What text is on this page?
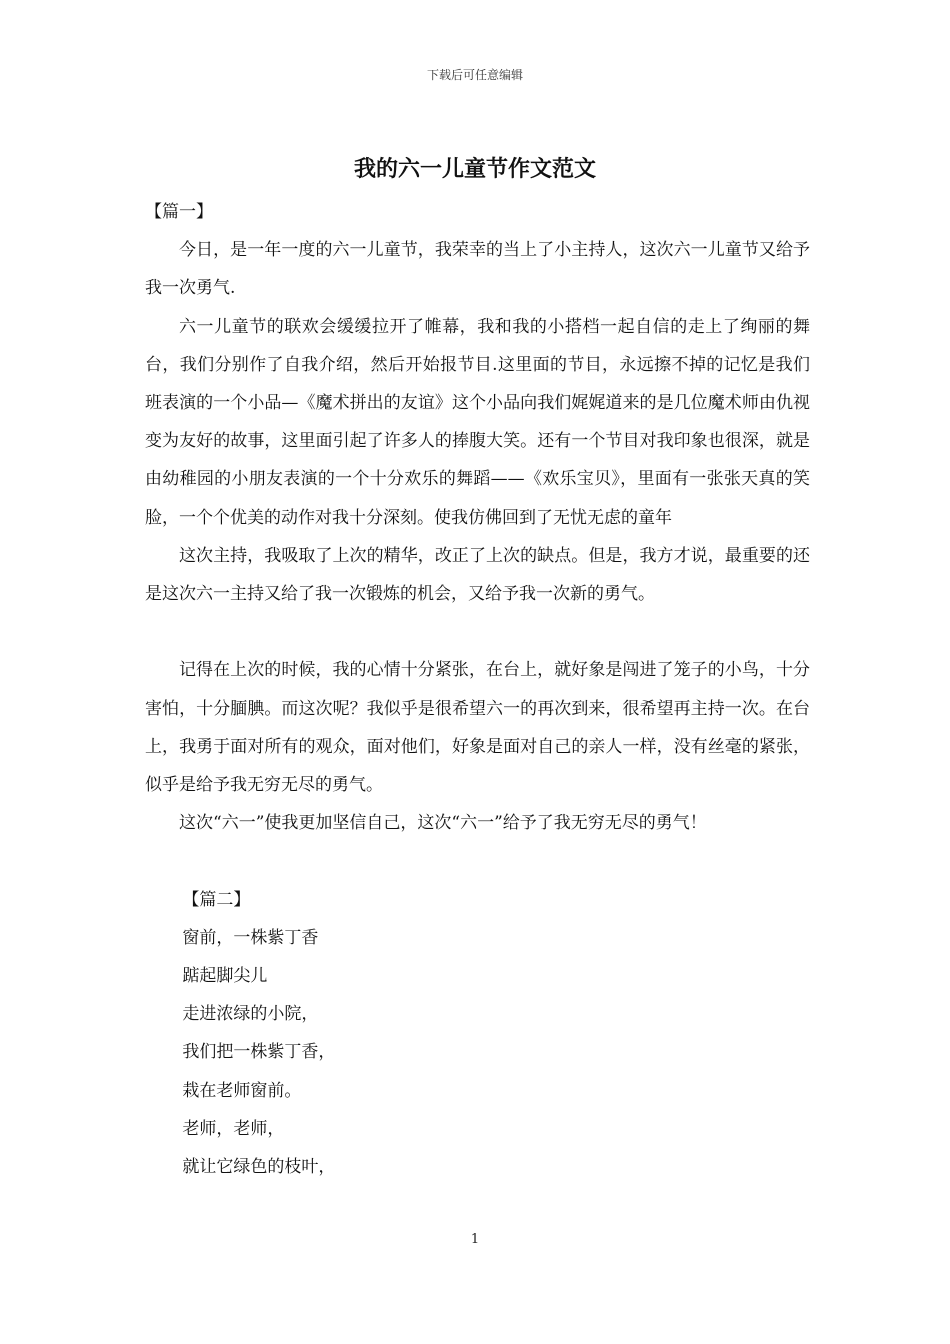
下载后可任意编辑
我的六一儿童节作文范文

【篇一】

今日，是一年一度的六一儿童节，我荣幸的当上了小主持人，这次六一儿童节又给予我一次勇气.

六一儿童节的联欢会缓缓拉开了帷幕，我和我的小搭档一起自信的走上了绚丽的舞台，我们分别作了自我介绍，然后开始报节目.这里面的节目，永远擦不掉的记忆是我们班表演的一个小品—《魔术拼出的友谊》这个小品向我们娓娓道来的是几位魔术师由仇视变为友好的故事，这里面引起了许多人的捧腹大笑。还有一个节目对我印象也很深，就是由幼稚园的小朋友表演的一个十分欢乐的舞蹈——《欢乐宝贝》，里面有一张张天真的笑脸，一个个优美的动作对我十分深刻。使我仿佛回到了无忧无虑的童年

这次主持，我吸取了上次的精华，改正了上次的缺点。但是，我方才说，最重要的还是这次六一主持又给了我一次锻炼的机会，又给予我一次新的勇气。

记得在上次的时候，我的心情十分紧张，在台上，就好象是闯进了笼子的小鸟，十分害怕，十分腼腆。而这次呢？我似乎是很希望六一的再次到来，很希望再主持一次。在台上，我勇于面对所有的观众，面对他们，好象是面对自己的亲人一样，没有丝毫的紧张，似乎是给予我无穷无尽的勇气。

这次“六一”使我更加坚信自己，这次“六一”给予了我无穷无尽的勇气！

【篇二】

窗前，一株紫丁香

踮起脚尖儿

走进浓绿的小院，

我们把一株紫丁香，

栽在老师窗前。

老师，老师，

就让它绿色的枝叶，

1
